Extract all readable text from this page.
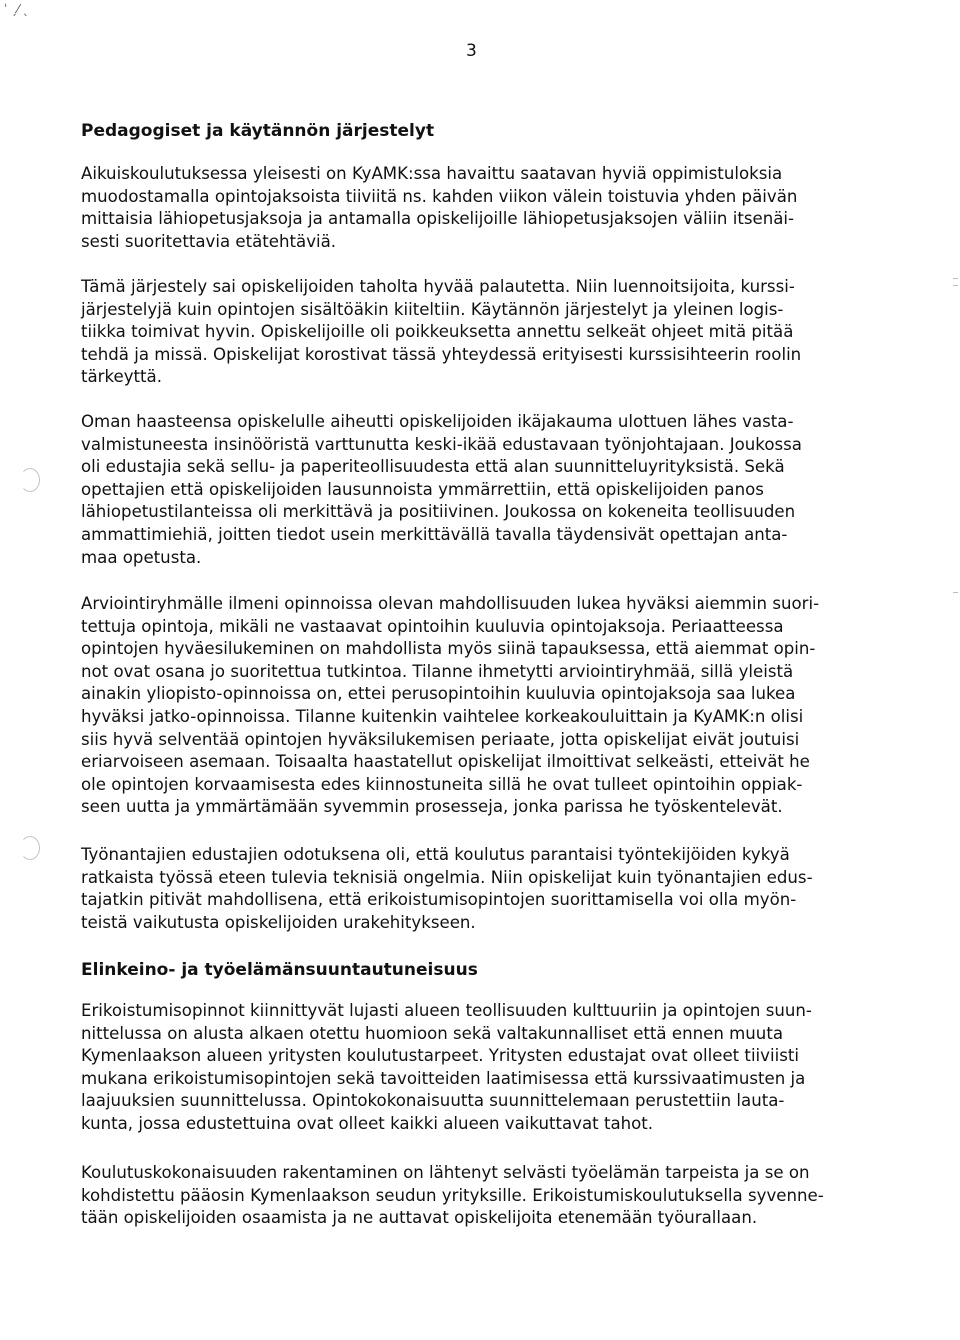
ˈ ˏ⁄ ˎ
3
Pedagogiset ja käytännön järjestelyt
Aikuiskoulutuksessa yleisesti on KyAMK:ssa havaittu saatavan hyviä oppimistuloksia
muodostamalla opintojaksoista tiiviitä ns. kahden viikon välein toistuvia yhden päivän
mittaisia lähiopetusjaksoja ja antamalla opiskelijoille lähiopetusjaksojen väliin itsenäi-
sesti suoritettavia etätehtäviä.
Tämä järjestely sai opiskelijoiden taholta hyvää palautetta. Niin luennoitsijoita, kurssi-
järjestelyjä kuin opintojen sisältöäkin kiiteltiin. Käytännön järjestelyt ja yleinen logis-
tiikka toimivat hyvin. Opiskelijoille oli poikkeuksetta annettu selkeät ohjeet mitä pitää
tehdä ja missä. Opiskelijat korostivat tässä yhteydessä erityisesti kurssisihteerin roolin
tärkeyttä.
Oman haasteensa opiskelulle aiheutti opiskelijoiden ikäjakauma ulottuen lähes vasta-
valmistuneesta insinööristä varttunutta keski-ikää edustavaan työnjohtajaan. Joukossa
oli edustajia sekä sellu- ja paperiteollisuudesta että alan suunnitteluyrityksistä. Sekä
opettajien että opiskelijoiden lausunnoista ymmärrettiin, että opiskelijoiden panos
lähiopetustilanteissa oli merkittävä ja positiivinen. Joukossa on kokeneita teollisuuden
ammattimiehiä, joitten tiedot usein merkittävällä tavalla täydensivät opettajan anta-
maa opetusta.
Arviointiryhmälle ilmeni opinnoissa olevan mahdollisuuden lukea hyväksi aiemmin suori-
tettuja opintoja, mikäli ne vastaavat opintoihin kuuluvia opintojaksoja. Periaatteessa
opintojen hyväesilukeminen on mahdollista myös siinä tapauksessa, että aiemmat opin-
not ovat osana jo suoritettua tutkintoa. Tilanne ihmetytti arviointiryhmää, sillä yleistä
ainakin yliopisto-opinnoissa on, ettei perusopintoihin kuuluvia opintojaksoja saa lukea
hyväksi jatko-opinnoissa. Tilanne kuitenkin vaihtelee korkeakouluittain ja KyAMK:n olisi
siis hyvä selventää opintojen hyväksilukemisen periaate, jotta opiskelijat eivät joutuisi
eriarvoiseen asemaan. Toisaalta haastatellut opiskelijat ilmoittivat selkeästi, etteivät he
ole opintojen korvaamisesta edes kiinnostuneita sillä he ovat tulleet opintoihin oppiak-
seen uutta ja ymmärtämään syvemmin prosesseja, jonka parissa he työskentelevät.
Työnantajien edustajien odotuksena oli, että koulutus parantaisi työntekijöiden kykyä
ratkaista työssä eteen tulevia teknisiä ongelmia. Niin opiskelijat kuin työnantajien edus-
tajatkin pitivät mahdollisena, että erikoistumisopintojen suorittamisella voi olla myön-
teistä vaikutusta opiskelijoiden urakehitykseen.
Elinkeino- ja työelämänsuuntautuneisuus
Erikoistumisopinnot kiinnittyvät lujasti alueen teollisuuden kulttuuriin ja opintojen suun-
nittelussa on alusta alkaen otettu huomioon sekä valtakunnalliset että ennen muuta
Kymenlaakson alueen yritysten koulutustarpeet. Yritysten edustajat ovat olleet tiiviisti
mukana erikoistumisopintojen sekä tavoitteiden laatimisessa että kurssivaatimusten ja
laajuuksien suunnittelussa. Opintokokonaisuutta suunnittelemaan perustettiin lauta-
kunta, jossa edustettuina ovat olleet kaikki alueen vaikuttavat tahot.
Koulutuskokonaisuuden rakentaminen on lähtenyt selvästi työelämän tarpeista ja se on
kohdistettu pääosin Kymenlaakson seudun yrityksille. Erikoistumiskoulutuksella syvenne-
tään opiskelijoiden osaamista ja ne auttavat opiskelijoita etenemään työurallaan.
